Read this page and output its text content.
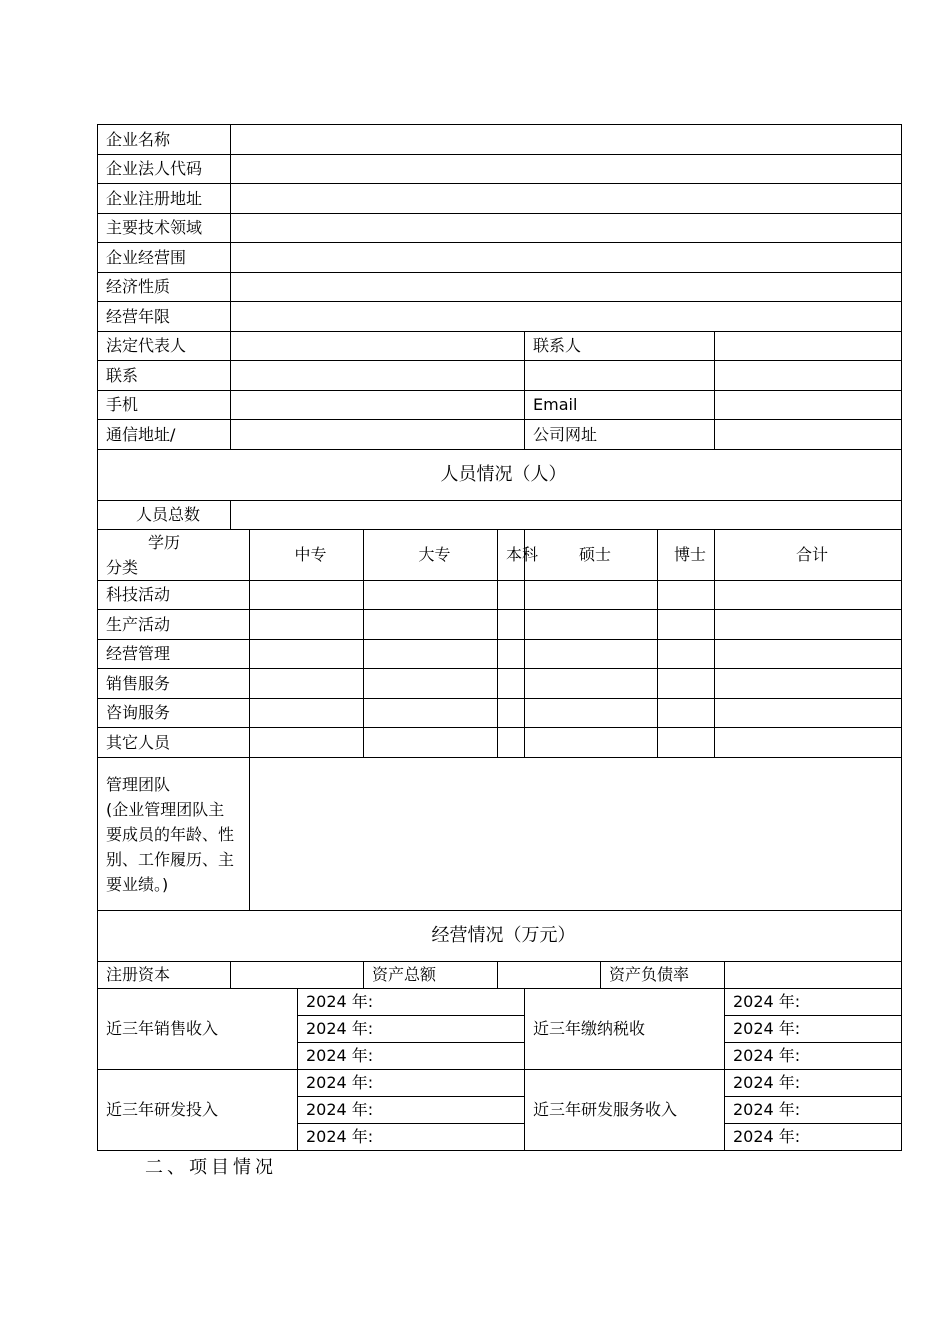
企业名称										
企业法人代码										
企业注册地址										
主要技术领域										
企业经营围										
经济性质										
经营年限										
法定代表人						联系人				
联系										
手机						Email				
通信地址/						公司网址				
人员情况（人）										
人员总数										

学历
分类		中专		大专	本科	硕士		博士	合计	
科技活动										
生产活动										
经营管理										
销售服务										
咨询服务										
其它人员										

管理团队
(企业管理团队主
要成员的年龄、性
别、工作履历、主
要业绩。)										

经营情况（万元）										
注册资本				资产总额			资产负债率			
近三年销售收入			2024 年:			近三年缴纳税收				2024 年:
			2024 年:							2024 年:
			2024 年:							2024 年:
近三年研发投入			2024 年:			近三年研发服务收入				2024 年:
			2024 年:							2024 年:
			2024 年:							2024 年:
二、项目情况
